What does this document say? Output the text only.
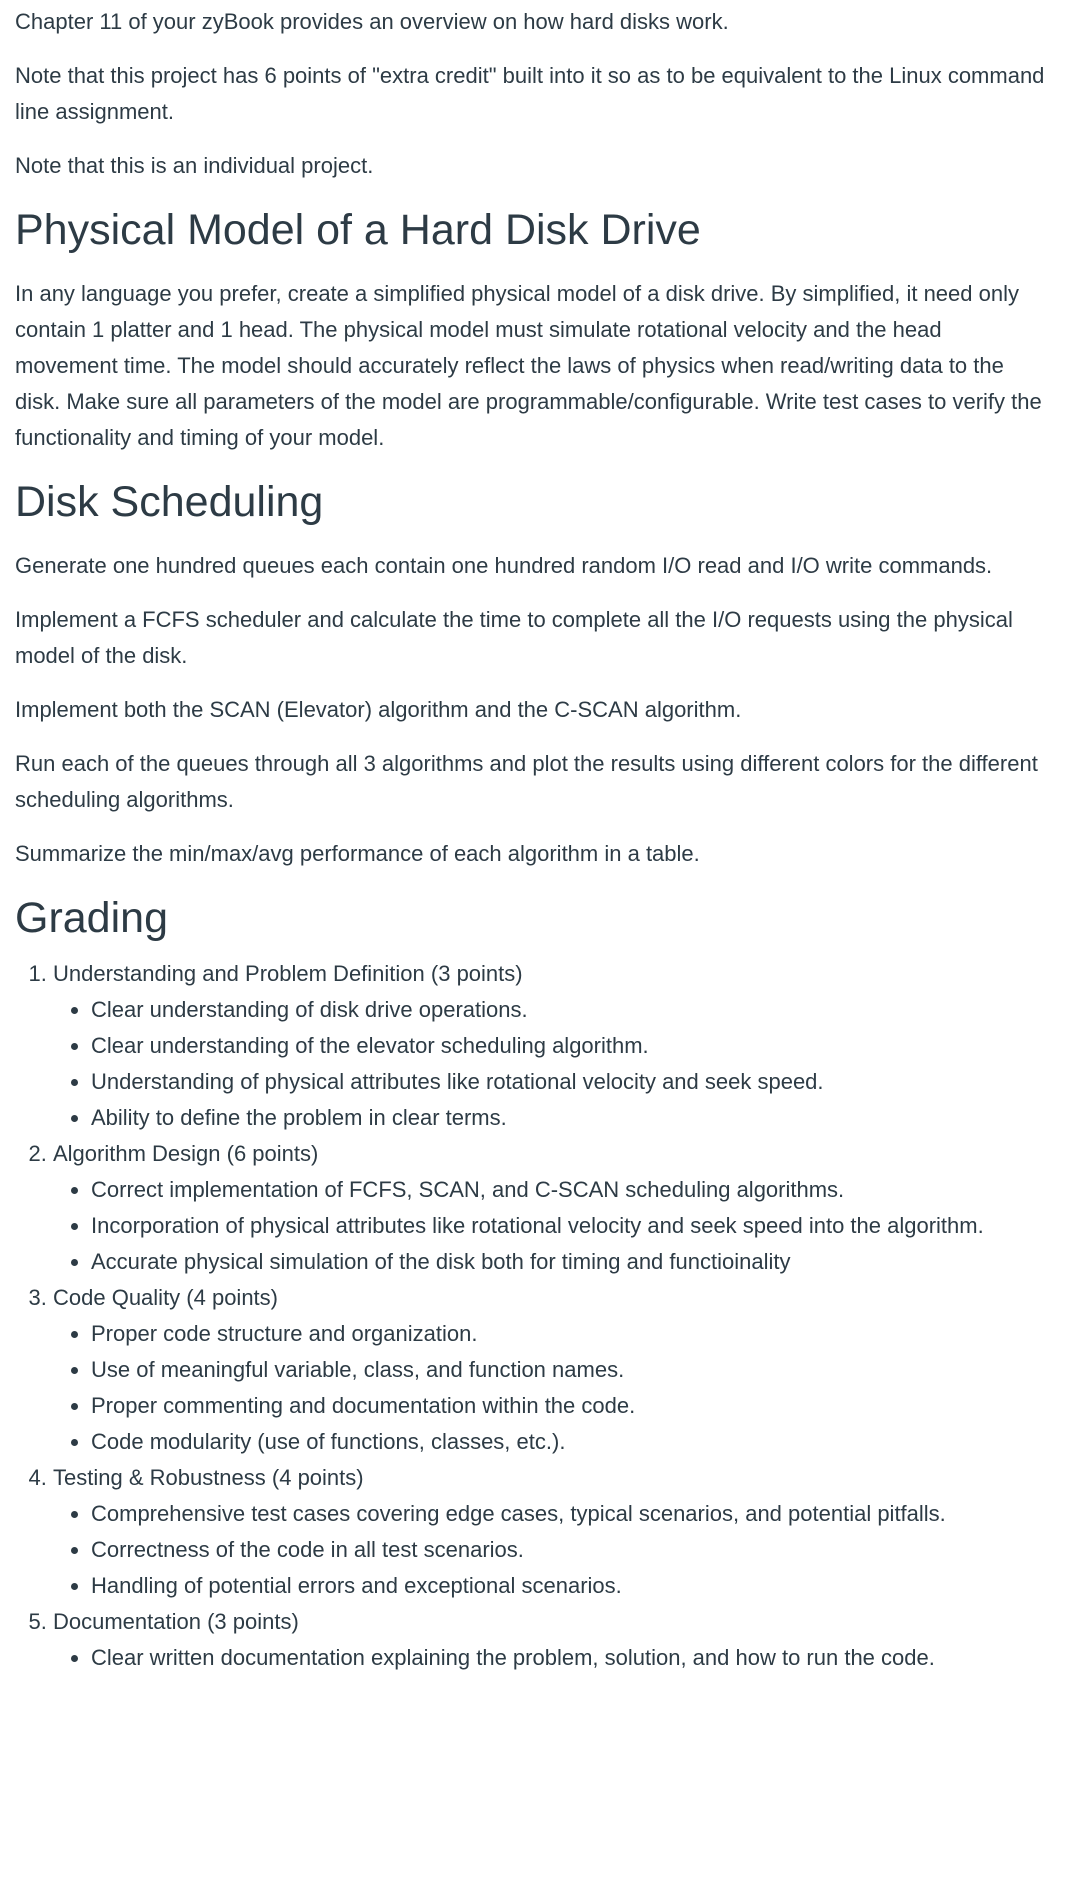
Chapter 11 of your zyBook provides an overview on how hard disks work.

Note that this project has 6 points of "extra credit" built into it so as to be equivalent to the Linux command line assignment.

Note that this is an individual project.

Physical Model of a Hard Disk Drive

In any language you prefer, create a simplified physical model of a disk drive. By simplified, it need only contain 1 platter and 1 head. The physical model must simulate rotational velocity and the head movement time. The model should accurately reflect the laws of physics when read/writing data to the disk. Make sure all parameters of the model are programmable/configurable. Write test cases to verify the functionality and timing of your model.

Disk Scheduling

Generate one hundred queues each contain one hundred random I/O read and I/O write commands.

Implement a FCFS scheduler and calculate the time to complete all the I/O requests using the physical model of the disk.

Implement both the SCAN (Elevator) algorithm and the C-SCAN algorithm.

Run each of the queues through all 3 algorithms and plot the results using different colors for the different scheduling algorithms.

Summarize the min/max/avg performance of each algorithm in a table.

Grading
1. Understanding and Problem Definition (3 points)
• Clear understanding of disk drive operations.
• Clear understanding of the elevator scheduling algorithm.
• Understanding of physical attributes like rotational velocity and seek speed.
• Ability to define the problem in clear terms.
2. Algorithm Design (6 points)
• Correct implementation of FCFS, SCAN, and C-SCAN scheduling algorithms.
• Incorporation of physical attributes like rotational velocity and seek speed into the algorithm.
• Accurate physical simulation of the disk both for timing and functioinality
3. Code Quality (4 points)
• Proper code structure and organization.
• Use of meaningful variable, class, and function names.
• Proper commenting and documentation within the code.
• Code modularity (use of functions, classes, etc.).
4. Testing & Robustness (4 points)
• Comprehensive test cases covering edge cases, typical scenarios, and potential pitfalls.
• Correctness of the code in all test scenarios.
• Handling of potential errors and exceptional scenarios.
5. Documentation (3 points)
• Clear written documentation explaining the problem, solution, and how to run the code.
